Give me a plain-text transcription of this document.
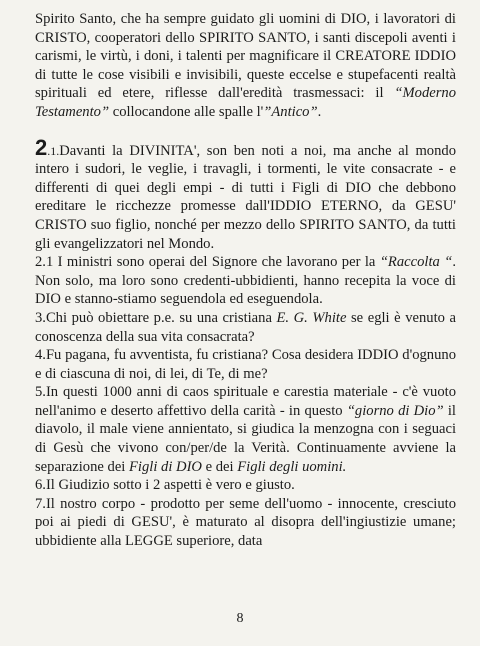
Spirito Santo, che ha sempre guidato gli uomini di DIO, i lavoratori di CRISTO, cooperatori dello SPIRITO SANTO, i santi discepoli aventi i carismi, le virtù, i doni, i talenti per magnificare il CREATORE IDDIO di tutte le cose visibili e invisibili, queste eccelse e stupefacenti realtà spirituali ed etere, riflesse dall'eredità trasmessaci: il “Moderno Testamento” collocandone alle spalle l'”Antico”.

2.1.Davanti la DIVINITA', son ben noti a noi, ma anche al mondo intero i sudori, le veglie, i travagli, i tormenti, le vite consacrate - e differenti di quei degli empi - di tutti i Figli di DIO che debbono ereditare le ricchezze promesse dall'IDDIO ETERNO, da GESU' CRISTO suo figlio, nonché per mezzo dello SPIRITO SANTO, da tutti gli evangelizzatori nel Mondo.

2.1 I ministri sono operai del Signore che lavorano per la “Raccolta “. Non solo, ma loro sono credenti-ubbidienti, hanno recepita la voce di DIO e stanno-stiamo seguendola ed eseguendola.

3.Chi può obiettare p.e. su una cristiana E. G. White se egli è venuto a conoscenza della sua vita consacrata?

4.Fu pagana, fu avventista, fu cristiana? Cosa desidera IDDIO d'ognuno e di ciascuna di noi, di lei, di Te, di me?

5.In questi 1000 anni di caos spirituale e carestia materiale - c'è vuoto nell'animo e deserto affettivo della carità - in questo “giorno di Dio” il diavolo, il male viene annientato, si giudica la menzogna con i seguaci di Gesù che vivono con/per/de la Verità. Continuamente avviene la separazione dei Figli di DIO e dei Figli degli uomini.

6.Il Giudizio sotto i 2 aspetti è vero e giusto.

7.Il nostro corpo - prodotto per seme dell'uomo - innocente, cresciuto poi ai piedi di GESU', è maturato al disopra dell'ingiustizie umane; ubbidiente alla LEGGE superiore, data

8
